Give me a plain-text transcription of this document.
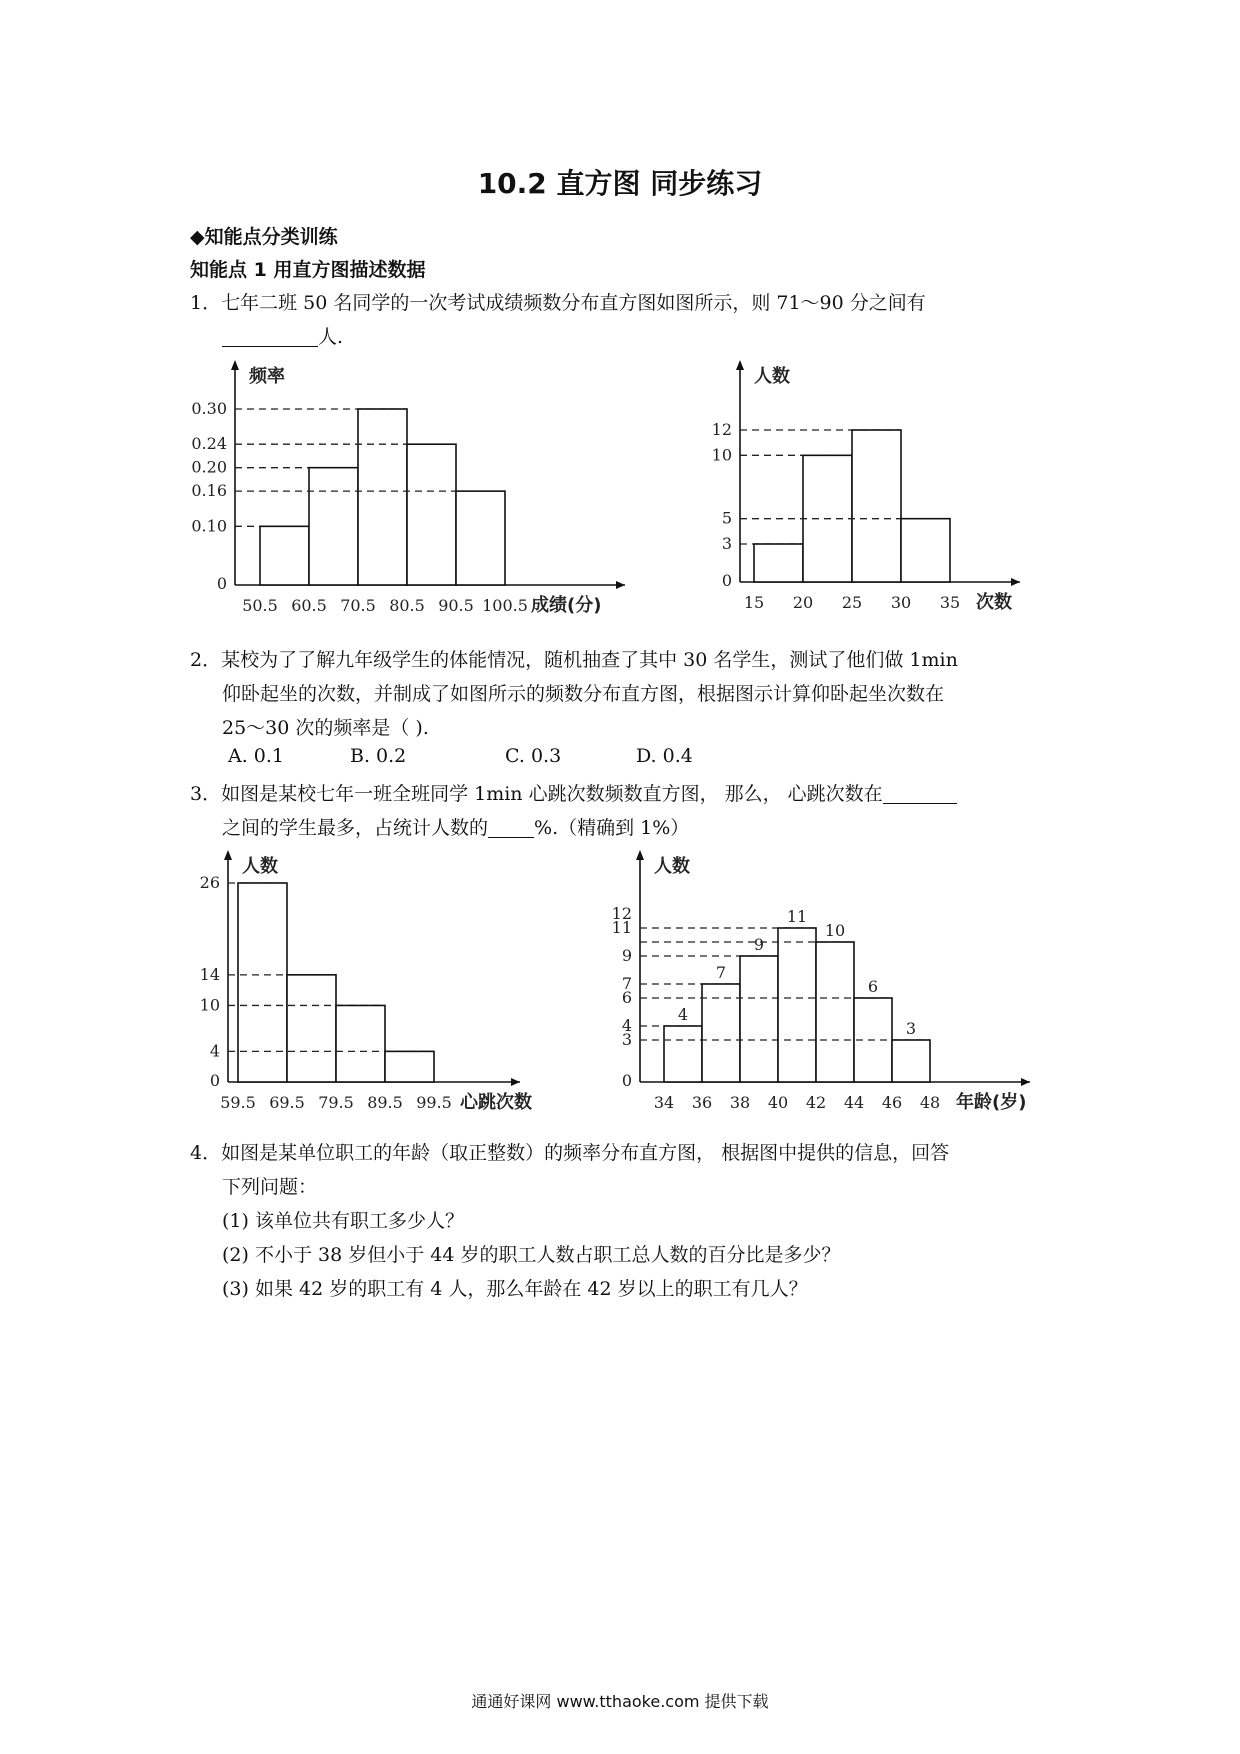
10.2 直方图 同步练习
◆知能点分类训练
知能点 1 用直方图描述数据
1．七年二班 50 名同学的一次考试成绩频数分布直方图如图所示，则 71～90 分之间有
人.
频率
0
0.10
0.16
0.20
0.24
0.30
50.5 60.5 70.5 80.5 90.5 100.5 成绩(分)
人数
0
3
5
10
12
15 20 25 30 35 次数
2．某校为了了解九年级学生的体能情况，随机抽查了其中 30 名学生，测试了他们做 1min
仰卧起坐的次数，并制成了如图所示的频数分布直方图，根据图示计算仰卧起坐次数在
25～30 次的频率是（ ).
A. 0.1	B. 0.2	C. 0.3	D. 0.4
3．如图是某校七年一班全班同学 1min 心跳次数频数直方图， 那么， 心跳次数在
之间的学生最多，占统计人数的 %.（精确到 1%）
人数
0
4
10
14
26
59.5 69.5 79.5 89.5 99.5 心跳次数
人数
0
4
7
9
11
10
6
3
3
4
6
7
9
11
12
34 36 38 40 42 44 46 48 年龄(岁)
4．如图是某单位职工的年龄（取正整数）的频率分布直方图， 根据图中提供的信息，回答
下列问题：
(1) 该单位共有职工多少人？
(2) 不小于 38 岁但小于 44 岁的职工人数占职工总人数的百分比是多少？
(3) 如果 42 岁的职工有 4 人，那么年龄在 42 岁以上的职工有几人？
通通好课网 www.tthaoke.com 提供下载
